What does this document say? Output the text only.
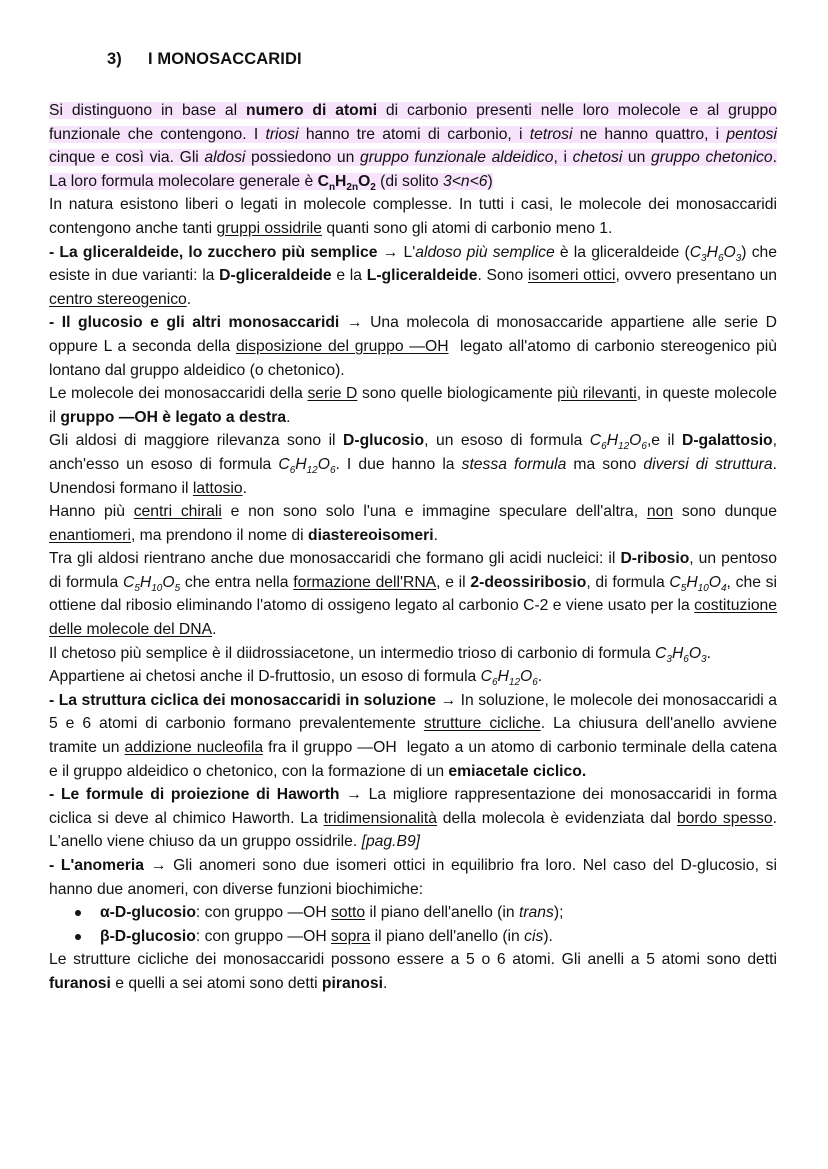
3) I MONOSACCARIDI

Si distinguono in base al numero di atomi di carbonio presenti nelle loro molecole e al gruppo funzionale che contengono. I triosi hanno tre atomi di carbonio, i tetrosi ne hanno quattro, i pentosi cinque e così via. Gli aldosi possiedono un gruppo funzionale aldeidico, i chetosi un gruppo chetonico. La loro formula molecolare generale è $C_nH_{2n}O_2$ (di solito 3<n<6)

In natura esistono liberi o legati in molecole complesse. In tutti i casi, le molecole dei monosaccaridi contengono anche tanti gruppi ossidrile quanti sono gli atomi di carbonio meno 1.

- La gliceraldeide, lo zucchero più semplice → L'aldoso più semplice è la gliceraldeide $(C_3H_6O_3)$ che esiste in due varianti: la D-gliceraldeide e la L-gliceraldeide. Sono isomeri ottici, ovvero presentano un centro stereogenico.

- Il glucosio e gli altri monosaccaridi → Una molecola di monosaccaride appartiene alle serie D oppure L a seconda della disposizione del gruppo —OH  legato all'atomo di carbonio stereogenico più lontano dal gruppo aldeidico (o chetonico).

Le molecole dei monosaccaridi della serie D sono quelle biologicamente più rilevanti, in queste molecole il gruppo —OH è legato a destra.

Gli aldosi di maggiore rilevanza sono il D-glucosio, un esoso di formula $C_6H_{12}O_6,e$ il D-galattosio, anch'esso un esoso di formula $C_6H_{12}O_6$. I due hanno la stessa formula ma sono diversi di struttura. Unendosi formano il lattosio.

Hanno più centri chirali e non sono solo l'una e immagine speculare dell'altra, non sono dunque enantiomeri, ma prendono il nome di diastereoisomeri.

Tra gli aldosi rientrano anche due monosaccaridi che formano gli acidi nucleici: il D-ribosio, un pentoso di formula $C_5H_{10}O_5$ che entra nella formazione dell'RNA, e il 2-deossiribosio, di formula $C_5H_{10}O_4$, che si ottiene dal ribosio eliminando l'atomo di ossigeno legato al carbonio C-2 e viene usato per la costituzione delle molecole del DNA.

Il chetoso più semplice è il diidrossiacetone, un intermedio trioso di carbonio di formula $C_3H_6O_3$.

Appartiene ai chetosi anche il D-fruttosio, un esoso di formula $C_6H_{12}O_6$.

- La struttura ciclica dei monosaccaridi in soluzione → In soluzione, le molecole dei monosaccaridi a 5 e 6 atomi di carbonio formano prevalentemente strutture cicliche. La chiusura dell'anello avviene tramite un addizione nucleofila fra il gruppo —OH  legato a un atomo di carbonio terminale della catena e il gruppo aldeidico o chetonico, con la formazione di un emiacetale ciclico.

- Le formule di proiezione di Haworth → La migliore rappresentazione dei monosaccaridi in forma ciclica si deve al chimico Haworth. La tridimensionalità della molecola è evidenziata dal bordo spesso. L'anello viene chiuso da un gruppo ossidrile. [pag.B9]

- L'anomeria → Gli anomeri sono due isomeri ottici in equilibrio fra loro. Nel caso del D-glucosio, si hanno due anomeri, con diverse funzioni biochimiche:

α-D-glucosio: con gruppo —OH sotto il piano dell'anello (in trans);
β-D-glucosio: con gruppo —OH sopra il piano dell'anello (in cis).

Le strutture cicliche dei monosaccaridi possono essere a 5 o 6 atomi. Gli anelli a 5 atomi sono detti furanosi e quelli a sei atomi sono detti piranosi.
